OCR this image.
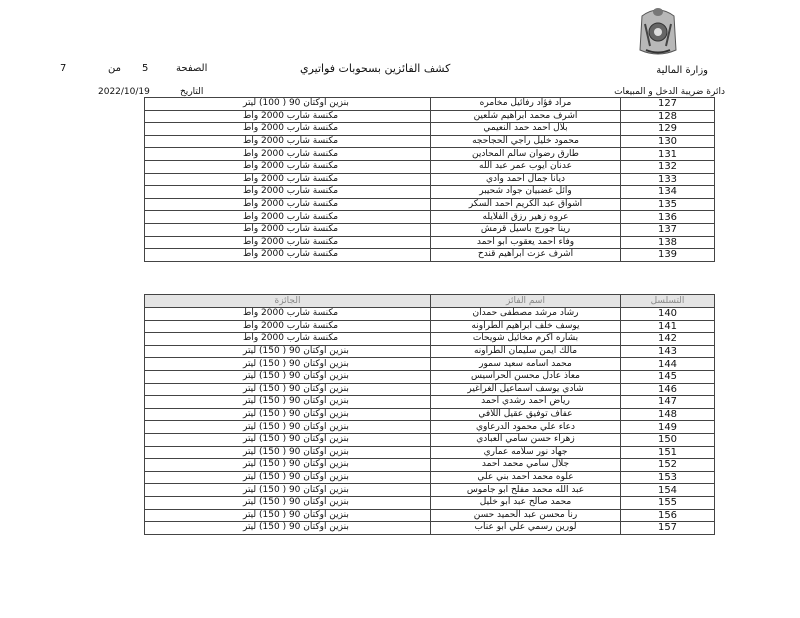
كشف الفائزين بسحوبات فواتيري
الصفحة
5
من
7	وزارة المالية
دائرة ضريبة الدخل و المبيعات
التاريخ
2022/10/19
بنزين اوكتان 90 ( 100) ليتر	مراد فؤاد رفائيل مخامره	127
مكنسة شارب 2000 واط	اشرف محمد ابراهيم شلعين	128
مكنسة شارب 2000 واط	بلال احمد حمد النعيمي	129
مكنسة شارب 2000 واط	محمود خليل راجي الحجاحجه	130
مكنسة شارب 2000 واط	طارق رضوان سالم المحادين	131
مكنسة شارب 2000 واط	عدنان ايوب عمر عبد الله	132
مكنسة شارب 2000 واط	ديانا جمال احمد وادي	133
مكنسة شارب 2000 واط	وائل غضبيان جواد شحيبر	134
مكنسة شارب 2000 واط	اشواق عبد الكريم احمد السكر	135
مكنسة شارب 2000 واط	عروه زهير رزق الفلايله	136
مكنسة شارب 2000 واط	رينا جورج باسيل قرمش	137
مكنسة شارب 2000 واط	وفاء احمد يعقوب ابو احمد	138
مكنسة شارب 2000 واط	اشرف عزت ابراهيم قندح	139
الجائزة	اسم الفائز	التسلسل
مكنسة شارب 2000 واط	رشاد مرشد مصطفى حمدان	140
مكنسة شارب 2000 واط	يوسف خلف ابراهيم الطراونه	141
مكنسة شارب 2000 واط	بشاره اكرم مخائيل شويحات	142
بنزين اوكتان 90 ( 150) ليتر	مالك ايمن سليمان الطراونه	143
بنزين اوكتان 90 ( 150) ليتر	محمد اسامه سعيد سمور	144
بنزين اوكتان 90 ( 150) ليتر	معاذ عادل محسن الحراسيس	145
بنزين اوكتان 90 ( 150) ليتر	شادي يوسف اسماعيل الغراغير	146
بنزين اوكتان 90 ( 150) ليتر	رياض احمد رشدي احمد	147
بنزين اوكتان 90 ( 150) ليتر	عفاف توفيق عقيل اللافي	148
بنزين اوكتان 90 ( 150) ليتر	دعاء علي محمود الدرعاوي	149
بنزين اوكتان 90 ( 150) ليتر	زهراء حسن سامي العبادي	150
بنزين اوكتان 90 ( 150) ليتر	جهاد نور سلامه عماري	151
بنزين اوكتان 90 ( 150) ليتر	جلال سامي محمد احمد	152
بنزين اوكتان 90 ( 150) ليتر	علوه محمد احمد بني علي	153
بنزين اوكتان 90 ( 150) ليتر	عبد الله محمد مفلح ابو جاموس	154
بنزين اوكتان 90 ( 150) ليتر	محمد صالح عبد ابو خليل	155
بنزين اوكتان 90 ( 150) ليتر	رنا محسن عبد الحميد حسن	156
بنزين اوكتان 90 ( 150) ليتر	لورين رسمي علي ابو عناب	157
